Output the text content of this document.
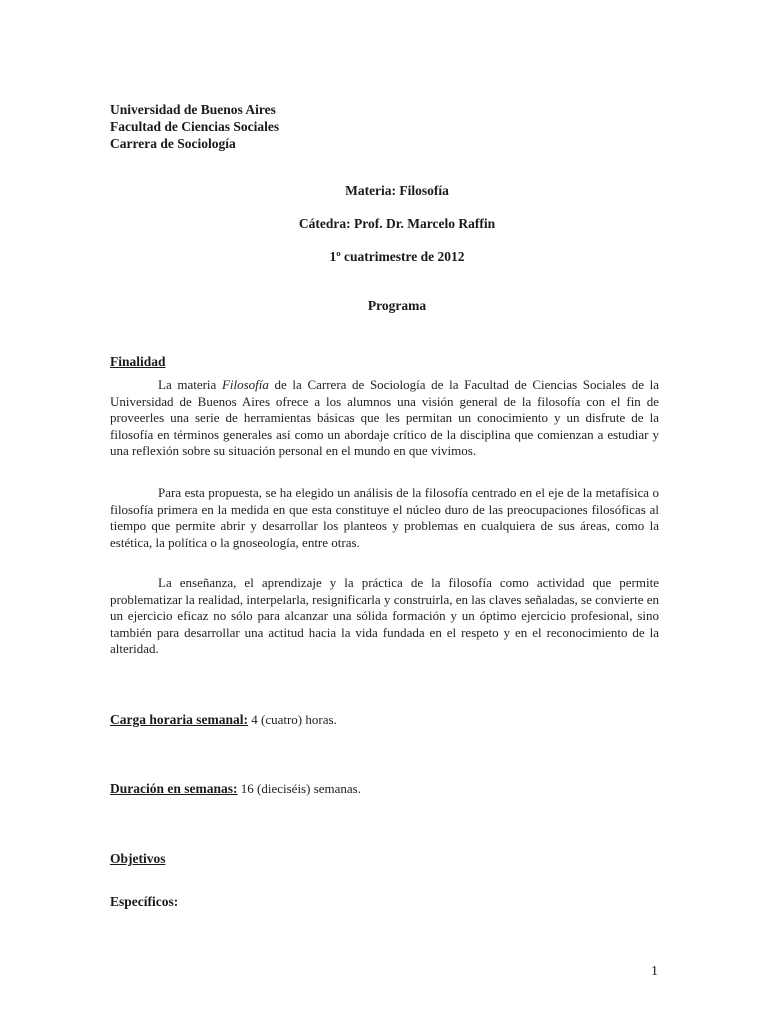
Universidad de Buenos Aires
Facultad de Ciencias Sociales
Carrera de Sociología
Materia: Filosofía
Cátedra: Prof. Dr. Marcelo Raffin
1º cuatrimestre de 2012
Programa
Finalidad

La materia Filosofía de la Carrera de Sociología de la Facultad de Ciencias Sociales de la Universidad de Buenos Aires ofrece a los alumnos una visión general de la filosofía con el fin de proveerles una serie de herramientas básicas que les permitan un conocimiento y un disfrute de la filosofía en términos generales así como un abordaje crítico de la disciplina que comienzan a estudiar y una reflexión sobre su situación personal en el mundo en que vivimos.

Para esta propuesta, se ha elegido un análisis de la filosofía centrado en el eje de la metafísica o filosofía primera en la medida en que esta constituye el núcleo duro de las preocupaciones filosóficas al tiempo que permite abrir y desarrollar los planteos y problemas en cualquiera de sus áreas, como la estética, la política o la gnoseología, entre otras.

La enseñanza, el aprendizaje y la práctica de la filosofía como actividad que permite problematizar la realidad, interpelarla, resignificarla y construirla, en las claves señaladas, se convierte en un ejercicio eficaz no sólo para alcanzar una sólida formación y un óptimo ejercicio profesional, sino también para desarrollar una actitud hacia la vida fundada en el respeto y en el reconocimiento de la alteridad.

Carga horaria semanal: 4 (cuatro) horas.
Duración en semanas: 16 (dieciséis) semanas.
Objetivos
Específicos:
1
